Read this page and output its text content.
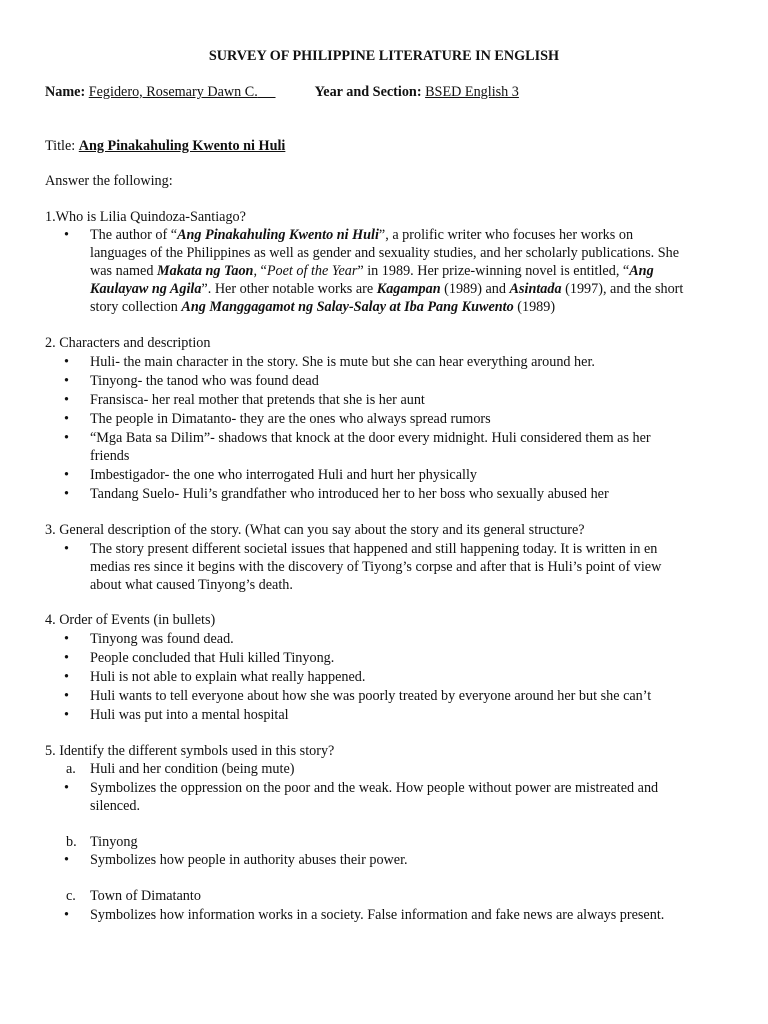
SURVEY OF PHILIPPINE LITERATURE IN ENGLISH
Name: Fegidero, Rosemary Dawn C.	Year and Section: BSED English 3
Title: Ang Pinakahuling Kwento ni Huli
Answer the following:
1.Who is Lilia Quindoza-Santiago?
• The author of “Ang Pinakahuling Kwento ni Huli”, a prolific writer who focuses her works on
languages of the Philippines as well as gender and sexuality studies, and her scholarly publications. She
was named Makata ng Taon, “Poet of the Year” in 1989. Her prize-winning novel is entitled, “Ang
Kaulayaw ng Agila”. Her other notable works are Kagampan (1989) and Asintada (1997), and the short
story collection Ang Manggagamot ng Salay-Salay at Iba Pang Kuwento (1989)
2. Characters and description
• Huli- the main character in the story. She is mute but she can hear everything around her.
• Tinyong- the tanod who was found dead
• Fransisca- her real mother that pretends that she is her aunt
• The people in Dimatanto- they are the ones who always spread rumors
• “Mga Bata sa Dilim”- shadows that knock at the door every midnight. Huli considered them as her
friends
• Imbestigador- the one who interrogated Huli and hurt her physically
• Tandang Suelo- Huli’s grandfather who introduced her to her boss who sexually abused her
3. General description of the story. (What can you say about the story and its general structure?
• The story present different societal issues that happened and still happening today. It is written in en
medias res since it begins with the discovery of Tiyong’s corpse and after that is Huli’s point of view
about what caused Tinyong’s death.
4. Order of Events (in bullets)
• Tinyong was found dead.
• People concluded that Huli killed Tinyong.
• Huli is not able to explain what really happened.
• Huli wants to tell everyone about how she was poorly treated by everyone around her but she can’t
• Huli was put into a mental hospital
5. Identify the different symbols used in this story?
a. Huli and her condition (being mute)
• Symbolizes the oppression on the poor and the weak. How people without power are mistreated and
silenced.
b. Tinyong
• Symbolizes how people in authority abuses their power.
c. Town of Dimatanto
• Symbolizes how information works in a society. False information and fake news are always present.
